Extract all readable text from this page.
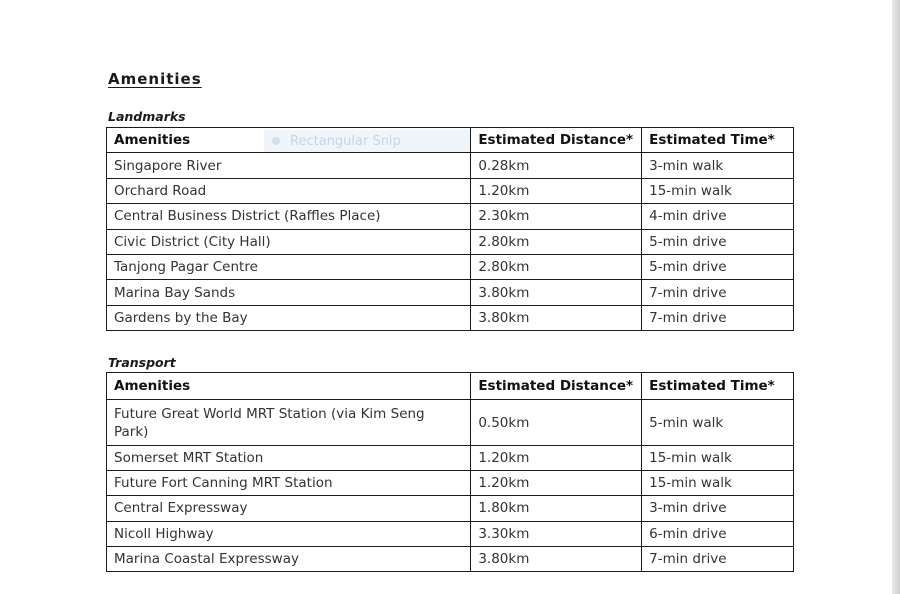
Amenities
Landmarks
Amenities	Estimated Distance*	Estimated Time*
Singapore River	0.28km	3-min walk
Orchard Road	1.20km	15-min walk
Central Business District (Raffles Place)	2.30km	4-min drive
Civic District (City Hall)	2.80km	5-min drive
Tanjong Pagar Centre	2.80km	5-min drive
Marina Bay Sands	3.80km	7-min drive
Gardens by the Bay	3.80km	7-min drive
Rectangular Snip
Transport
Amenities	Estimated Distance*	Estimated Time*
Future Great World MRT Station (via Kim Seng Park)	0.50km	5-min walk
Somerset MRT Station	1.20km	15-min walk
Future Fort Canning MRT Station	1.20km	15-min walk
Central Expressway	1.80km	3-min drive
Nicoll Highway	3.30km	6-min drive
Marina Coastal Expressway	3.80km	7-min drive
